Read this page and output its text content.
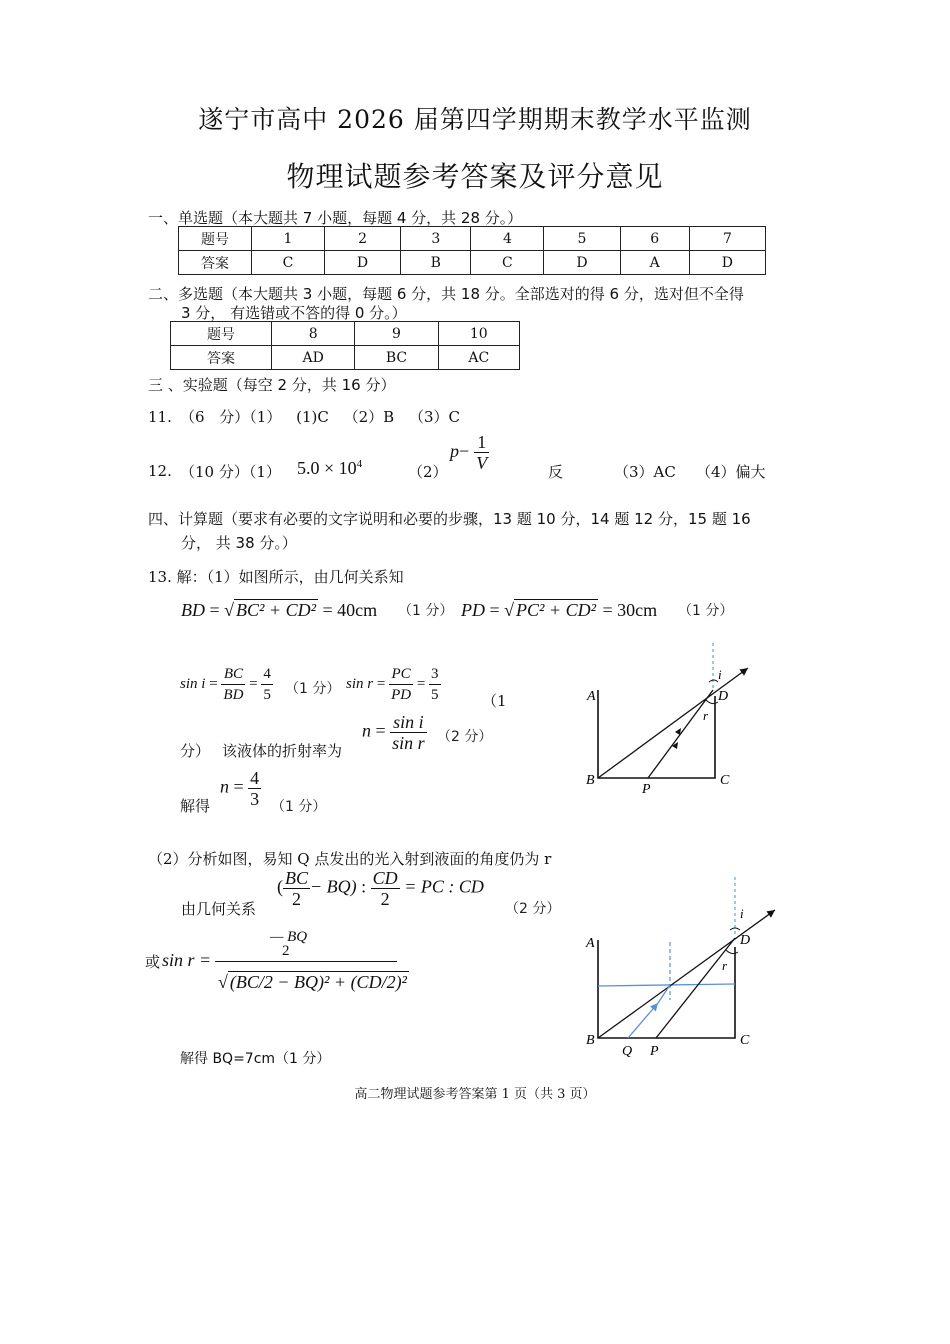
遂宁市高中 2026 届第四学期期末教学水平监测
物理试题参考答案及评分意见
一、单选题（本大题共 7 小题，每题 4 分，共 28 分。）
题号	1	2	3	4	5	6	7
答案	C	D	B	C	D	A	D
二、多选题（本大题共 3 小题，每题 6 分，共 18 分。全部选对的得 6 分，选对但不全得
3 分， 有选错或不答的得 0 分。）
题号	8	9	10
答案	AD	BC	AC
三 、实验题（每空 2 分，共 16 分）
11. （6 分）（1） (1)C （2）B （3）C
12. （10 分）（1） $5.0 \times 10^4$	（2）
$p- \frac{1}{V}$	反	（3）AC （4）偏大
四、计算题（要求有必要的文字说明和必要的步骤，13 题 10 分，14 题 12 分，15 题 16
分， 共 38 分。）
13. 解：（1）如图所示，由几何关系知
BD = √ BC² + CD² = 40cm （1 分） PD = √ PC² + CD² = 30cm （1 分）
$\sin i = \frac{BC}{BD} = \frac{4}{5} (1$ 分） $\sin r = \frac{PC}{PD} = \frac{3}{5}$	（1
分） 该液体的折射率为
$n = \frac{\text{sin i}}{\text{sin r}} (2$ 分）
解得
$n = \frac{4}{3} (1$ 分）
（2）分析如图，易知 Q 点发出的光入射到液面的角度仍为 r
由几何关系
( $\frac{BC}{2} - BQ$) : $\frac{CD}{2}$ = PC : CD
（2 分）
或 sin r =
— BQ
2
√ (BC/2 − BQ)² + (CD/2)²
解得 BQ=7cm（1 分）
A
B	C
D
P
i
r
A
B	C
D
P
Q
i
r
高二物理试题参考答案第 1 页（共 3 页）
